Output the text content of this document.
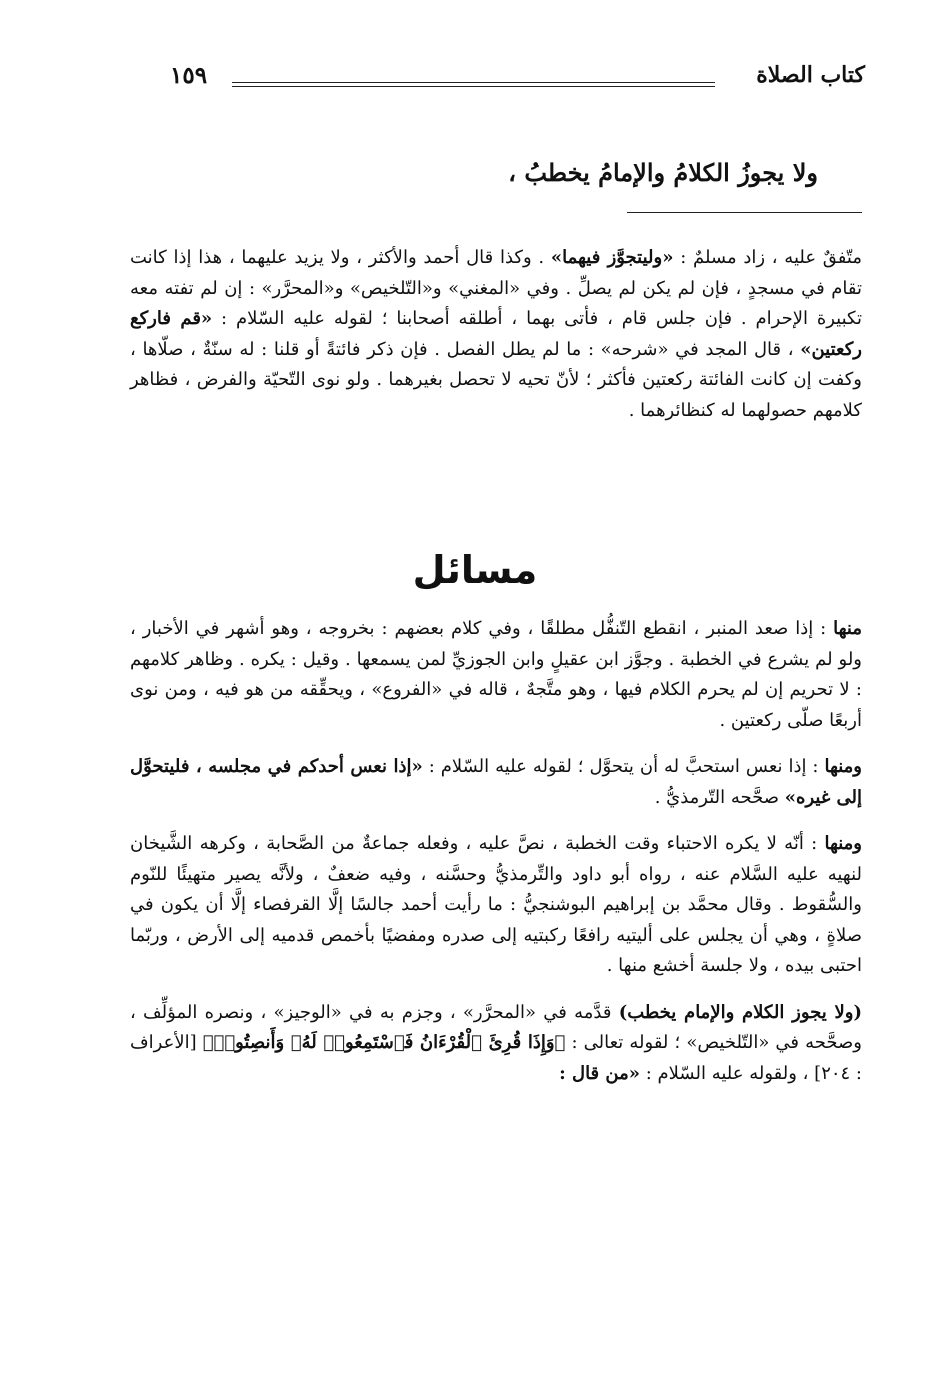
كتاب الصلاة
١٥٩
ولا يجوزُ الكلامُ والإمامُ يخطبُ ،

متّفقٌ عليه ، زاد مسلمٌ : «وليتجوَّز فيهما» . وكذا قال أحمد والأكثر ، ولا يزيد عليهما ، هذا إذا كانت تقام في مسجدٍ ، فإن لم يكن لم يصلِّ . وفي «المغني» و«التّلخيص» و«المحرَّر» : إن لم تفته معه تكبيرة الإحرام . فإن جلس قام ، فأتى بهما ، أطلقه أصحابنا ؛ لقوله عليه السّلام : «قم فاركع ركعتين» ، قال المجد في «شرحه» : ما لم يطل الفصل . فإن ذكر فائتةً أو قلنا : له سنّةٌ ، صلّاها ، وكفت إن كانت الفائتة ركعتين فأكثر ؛ لأنّ تحيه لا تحصل بغيرهما . ولو نوى التّحيّة والفرض ، فظاهر كلامهم حصولهما له كنظائرهما .

مسائل

منها : إذا صعد المنبر ، انقطع التّنفُّل مطلقًا ، وفي كلام بعضهم : بخروجه ، وهو أشهر في الأخبار ، ولو لم يشرع في الخطبة . وجوَّز ابن عقيلٍ وابن الجوزيِّ لمن يسمعها . وقيل : يكره . وظاهر كلامهم : لا تحريم إن لم يحرم الكلام فيها ، وهو متَّجهٌ ، قاله في «الفروع» ، ويحقِّقه من هو فيه ، ومن نوى أربعًا صلّى ركعتين .

ومنها : إذا نعس استحبَّ له أن يتحوَّل ؛ لقوله عليه السّلام : «إذا نعس أحدكم في مجلسه ، فليتحوَّل إلى غيره» صحَّحه التّرمذيُّ .

ومنها : أنّه لا يكره الاحتباء وقت الخطبة ، نصَّ عليه ، وفعله جماعةٌ من الصَّحابة ، وكرهه الشَّيخان لنهيه عليه السَّلام عنه ، رواه أبو داود والتِّرمذيُّ وحسَّنه ، وفيه ضعفٌ ، ولأنَّه يصير متهيئًا للنّوم والسُّقوط . وقال محمَّد بن إبراهيم البوشنجيُّ : ما رأيت أحمد جالسًا إلَّا القرفصاء إلَّا أن يكون في صلاةٍ ، وهي أن يجلس على أليتيه رافعًا ركبتيه إلى صدره ومفضيًا بأخمص قدميه إلى الأرض ، وربّما احتبى بيده ، ولا جلسة أخشع منها .

(ولا يجوز الكلام والإمام يخطب) قدَّمه في «المحرَّر» ، وجزم به في «الوجيز» ، ونصره المؤلِّف ، وصحَّحه في «التّلخيص» ؛ لقوله تعالى : ﴿وَإِذَا قُرِئَ ٱلْقُرْءَانُ فَٱسْتَمِعُوا۟ لَهُۥ وَأَنصِتُوا۟﴾ [الأعراف : ٢٠٤] ، ولقوله عليه السّلام : «من قال :
